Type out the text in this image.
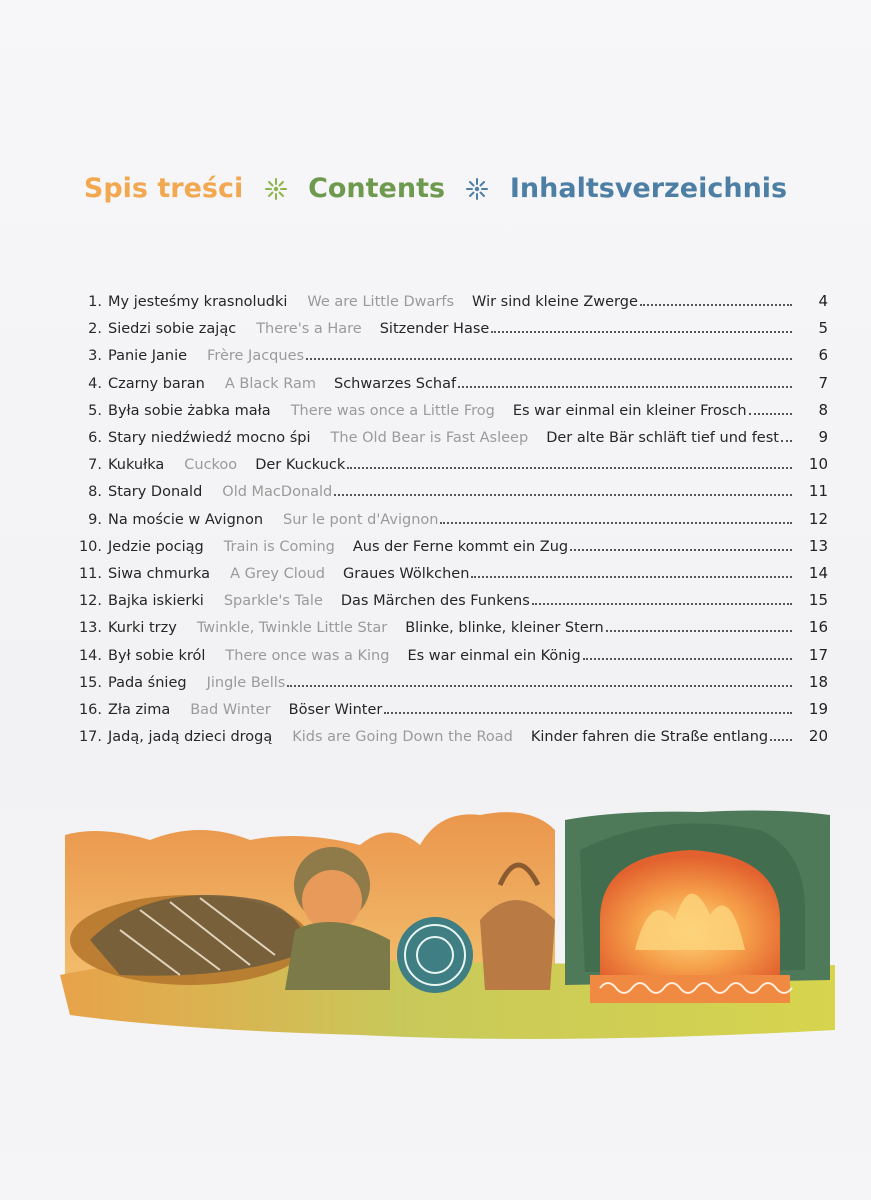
Spis treści Contents Inhaltsverzeichnis
1. My jesteśmy krasnoludki We are Little Dwarfs Wir sind kleine Zwerge	4
2. Siedzi sobie zając There's a Hare Sitzender Hase	5
3. Panie Janie Frère Jacques	6
4. Czarny baran A Black Ram Schwarzes Schaf	7
5. Była sobie żabka mała There was once a Little Frog Es war einmal ein kleiner Frosch	8
6. Stary niedźwiedź mocno śpi The Old Bear is Fast Asleep Der alte Bär schläft tief und fest	9
7. Kukułka Cuckoo Der Kuckuck	10
8. Stary Donald Old MacDonald	11
9. Na moście w Avignon Sur le pont d'Avignon	12
10. Jedzie pociąg Train is Coming Aus der Ferne kommt ein Zug	13
11. Siwa chmurka A Grey Cloud Graues Wölkchen	14
12. Bajka iskierki Sparkle's Tale Das Märchen des Funkens	15
13. Kurki trzy Twinkle, Twinkle Little Star Blinke, blinke, kleiner Stern	16
14. Był sobie król There once was a King Es war einmal ein König	17
15. Pada śnieg Jingle Bells	18
16. Zła zima Bad Winter Böser Winter	19
17. Jadą, jadą dzieci drogą Kids are Going Down the Road Kinder fahren die Straße entlang	20
